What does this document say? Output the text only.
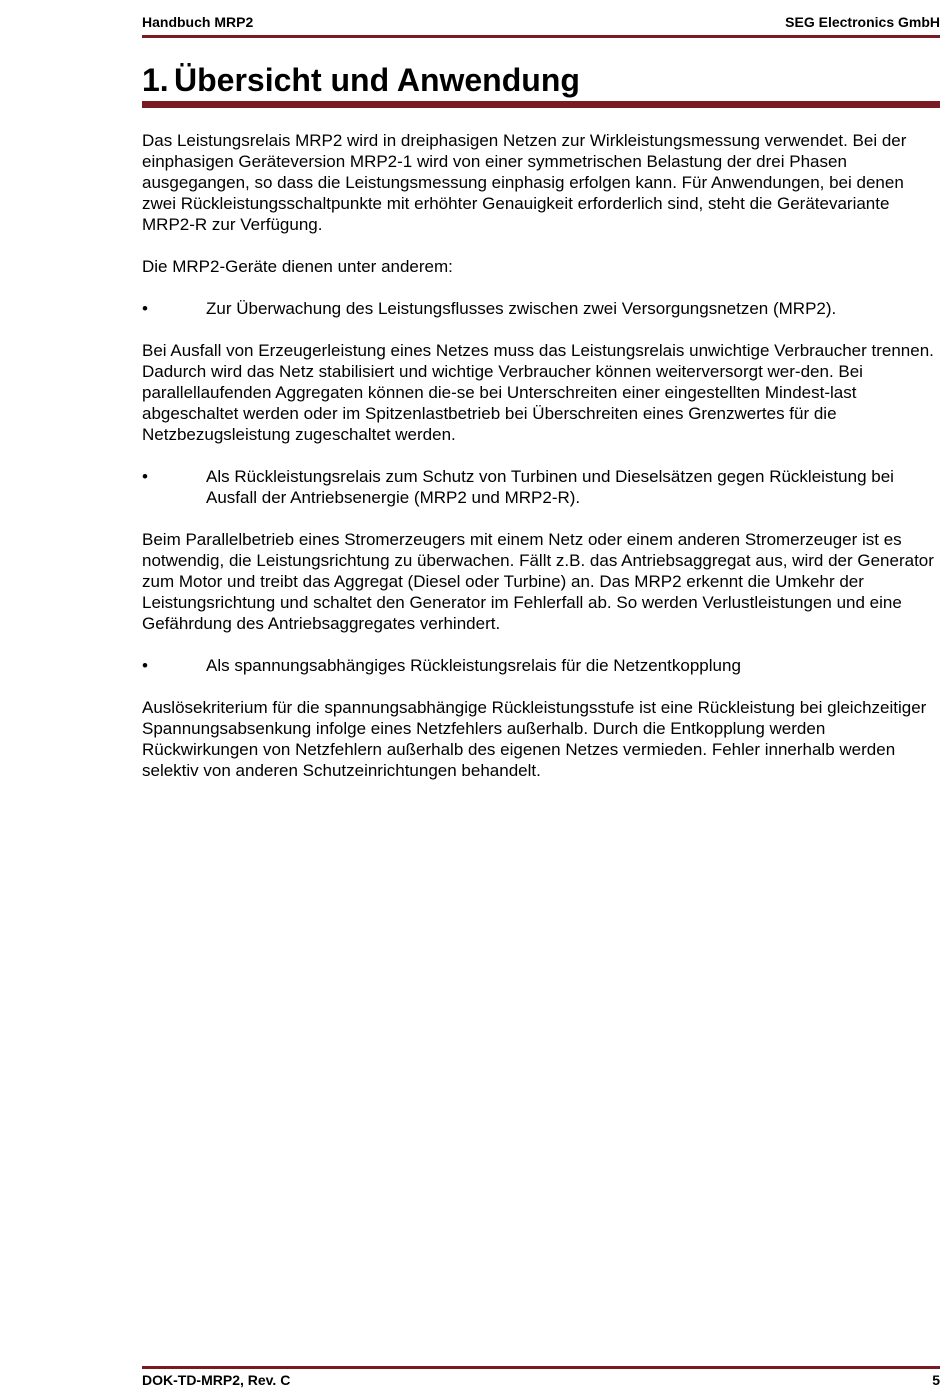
Handbuch MRP2	SEG Electronics GmbH
1. Übersicht und Anwendung

Das Leistungsrelais MRP2 wird in dreiphasigen Netzen zur Wirkleistungsmessung verwendet. Bei der einphasigen Geräteversion MRP2-1 wird von einer symmetrischen Belastung der drei Phasen ausgegangen, so dass die Leistungsmessung einphasig erfolgen kann. Für Anwendungen, bei denen zwei Rückleistungsschaltpunkte mit erhöhter Genauigkeit erforderlich sind, steht die Gerätevariante MRP2-R zur Verfügung.

Die MRP2-Geräte dienen unter anderem:

•	Zur Überwachung des Leistungsflusses zwischen zwei Versorgungsnetzen (MRP2).

Bei Ausfall von Erzeugerleistung eines Netzes muss das Leistungsrelais unwichtige Verbraucher trennen. Dadurch wird das Netz stabilisiert und wichtige Verbraucher können weiterversorgt wer-den. Bei parallellaufenden Aggregaten können die-se bei Unterschreiten einer eingestellten Mindest-last abgeschaltet werden oder im Spitzenlastbetrieb bei Überschreiten eines Grenzwertes für die Netzbezugsleistung zugeschaltet werden.

•	Als Rückleistungsrelais zum Schutz von Turbinen und Dieselsätzen gegen Rückleistung bei Ausfall der Antriebsenergie (MRP2 und MRP2-R).

Beim Parallelbetrieb eines Stromerzeugers mit einem Netz oder einem anderen Stromerzeuger ist es notwendig, die Leistungsrichtung zu überwachen. Fällt z.B. das Antriebsaggregat aus, wird der Generator zum Motor und treibt das Aggregat (Diesel oder Turbine) an. Das MRP2 erkennt die Umkehr der Leistungsrichtung und schaltet den Generator im Fehlerfall ab. So werden Verlustleistungen und eine Gefährdung des Antriebsaggregates verhindert.

•	Als spannungsabhängiges Rückleistungsrelais für die Netzentkopplung

Auslösekriterium für die spannungsabhängige Rückleistungsstufe ist eine Rückleistung bei gleichzeitiger Spannungsabsenkung infolge eines Netzfehlers außerhalb. Durch die Entkopplung werden Rückwirkungen von Netzfehlern außerhalb des eigenen Netzes vermieden. Fehler innerhalb werden selektiv von anderen Schutzeinrichtungen behandelt.

DOK-TD-MRP2, Rev. C	5
